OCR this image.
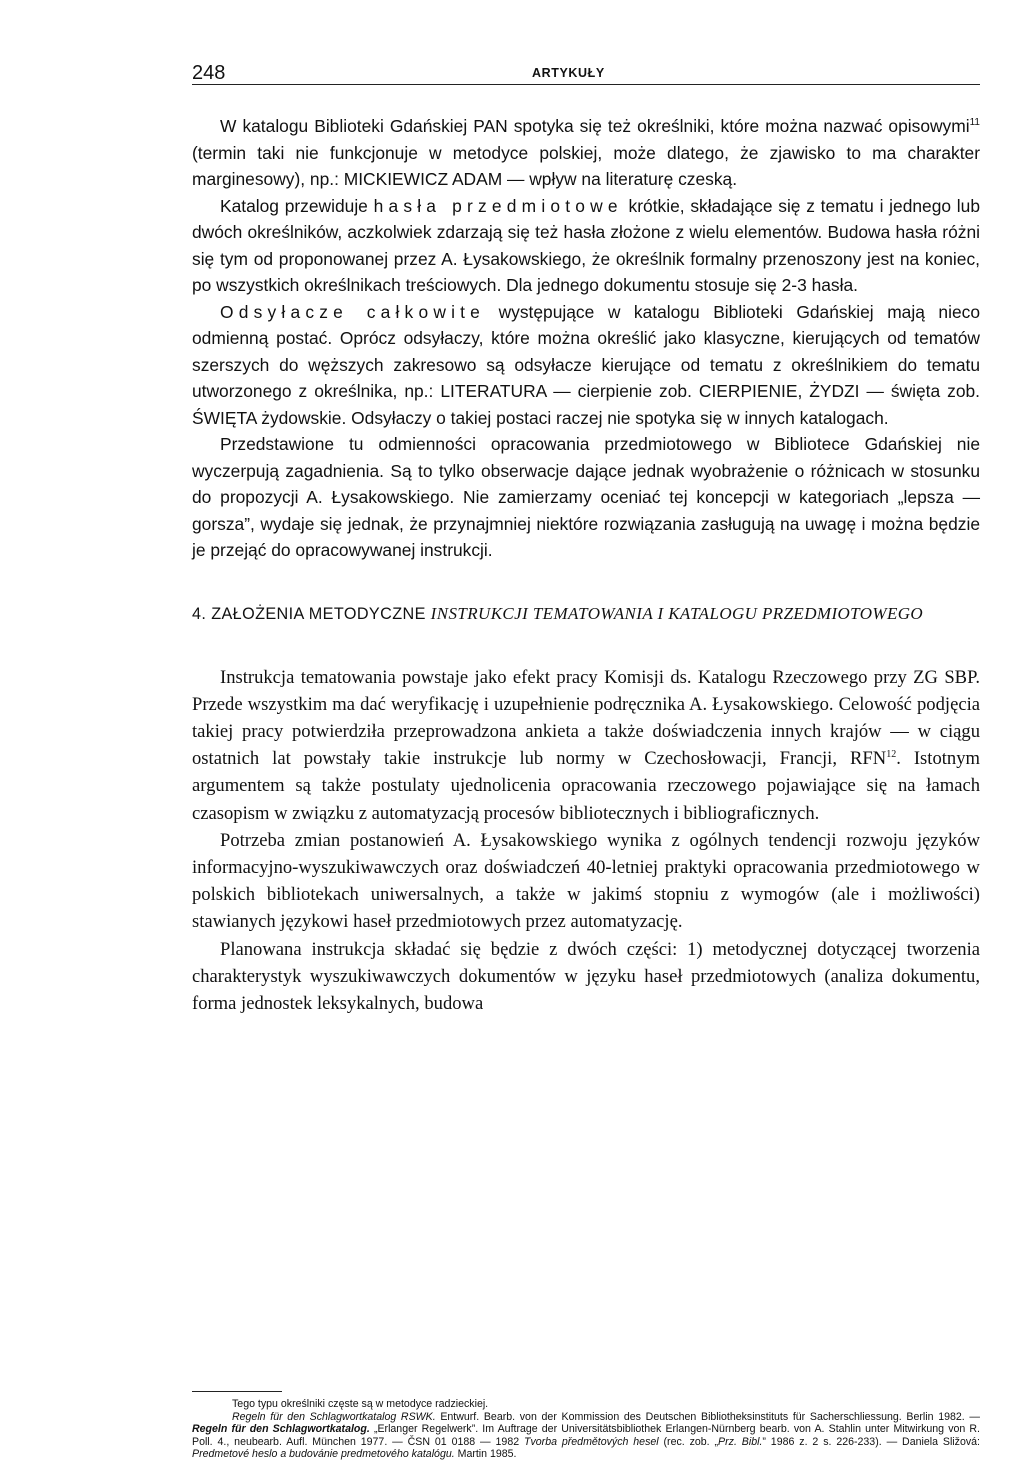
248	ARTYKUŁY

W katalogu Biblioteki Gdańskiej PAN spotyka się też określniki, które można nazwać opisowymi$^{11}$ (termin taki nie funkcjonuje w metodyce polskiej, może dlatego, że zjawisko to ma charakter marginesowy), np.: MICKIEWICZ ADAM — wpływ na literaturę czeską.

Katalog przewiduje hasła przedmiotowe krótkie, składające się z tematu i jednego lub dwóch określników, aczkolwiek zdarzają się też hasła złożone z wielu elementów. Budowa hasła różni się tym od proponowanej przez A. Łysakowskiego, że określnik formalny przenoszony jest na koniec, po wszystkich określnikach treściowych. Dla jednego dokumentu stosuje się 2-3 hasła.

Odsyłacze całkowite występujące w katalogu Biblioteki Gdańskiej mają nieco odmienną postać. Oprócz odsyłaczy, które można określić jako klasyczne, kierujących od tematów szerszych do węższych zakresowo są odsyłacze kierujące od tematu z określnikiem do tematu utworzonego z określnika, np.: LITERATURA — cierpienie zob. CIERPIENIE, ŻYDZI — święta zob. ŚWIĘTA żydowskie. Odsyłaczy o takiej postaci raczej nie spotyka się w innych katalogach.

Przedstawione tu odmienności opracowania przedmiotowego w Bibliotece Gdańskiej nie wyczerpują zagadnienia. Są to tylko obserwacje dające jednak wyobrażenie o różnicach w stosunku do propozycji A. Łysakowskiego. Nie zamierzamy oceniać tej koncepcji w kategoriach „lepsza — gorsza”, wydaje się jednak, że przynajmniej niektóre rozwiązania zasługują na uwagę i można będzie je przejąć do opracowywanej instrukcji.

4. ZAŁOŻENIA METODYCZNE INSTRUKCJI TEMATOWANIA I KATALOGU PRZEDMIOTOWEGO

Instrukcja tematowania powstaje jako efekt pracy Komisji ds. Katalogu Rzeczowego przy ZG SBP. Przede wszystkim ma dać weryfikację i uzupełnienie podręcznika A. Łysakowskiego. Celowość podjęcia takiej pracy potwierdziła przeprowadzona ankieta a także doświadczenia innych krajów — w ciągu ostatnich lat powstały takie instrukcje lub normy w Czechosłowacji, Francji, RFN$^{12}$. Istotnym argumentem są także postulaty ujednolicenia opracowania rzeczowego pojawiające się na łamach czasopism w związku z automatyzacją procesów bibliotecznych i bibliograficznych.

Potrzeba zmian postanowień A. Łysakowskiego wynika z ogólnych tendencji rozwoju języków informacyjno-wyszukiwawczych oraz doświadczeń 40-letniej praktyki opracowania przedmiotowego w polskich bibliotekach uniwersalnych, a także w jakimś stopniu z wymogów (ale i możliwości) stawianych językowi haseł przedmiotowych przez automatyzację.

Planowana instrukcja składać się będzie z dwóch części: 1) metodycznej dotyczącej tworzenia charakterystyk wyszukiwawczych dokumentów w języku haseł przedmiotowych (analiza dokumentu, forma jednostek leksykalnych, budowa

Tego typu określniki częste są w metodyce radzieckiej.

Regeln für den Schlagwortkatalog RSWK. Entwurf. Bearb. von der Kommission des Deutschen Bibliotheksinstituts für Sacherschliessung. Berlin 1982. — Regeln für den Schlagwortkatalog. „Erlanger Regelwerk”. Im Auftrage der Universitätsbibliothek Erlangen-Nürnberg bearb. von A. Stahlin unter Mitwirkung von R. Poll. 4., neubearb. Aufl. München 1977. — ČSN 01 0188 — 1982 Tvorba předmětových hesel (rec. zob. „Prz. Bibl.” 1986 z. 2 s. 226-233). — Daniela Sližová: Predmetové heslo a budovánie predmetového katalógu. Martin 1985.
